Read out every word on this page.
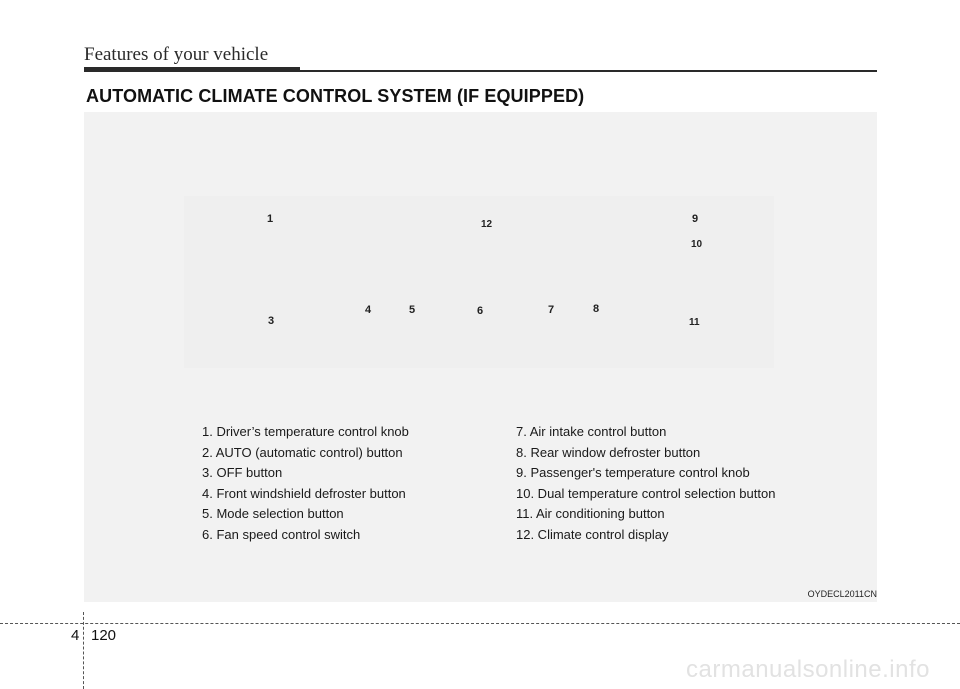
Features of your vehicle
AUTOMATIC CLIMATE CONTROL SYSTEM (IF EQUIPPED)
1	12	9
10
3
4	5	6	7	8
11
1. Driver’s temperature control knob
2. AUTO (automatic control) button
3. OFF button
4. Front windshield defroster button
5. Mode selection button
6. Fan speed control switch
7. Air intake control button
8. Rear window defroster button
9. Passenger's temperature control knob
10. Dual temperature control selection button
11. Air conditioning button
12. Climate control display
OYDECL2011CN
4 120
carmanualsonline.info
